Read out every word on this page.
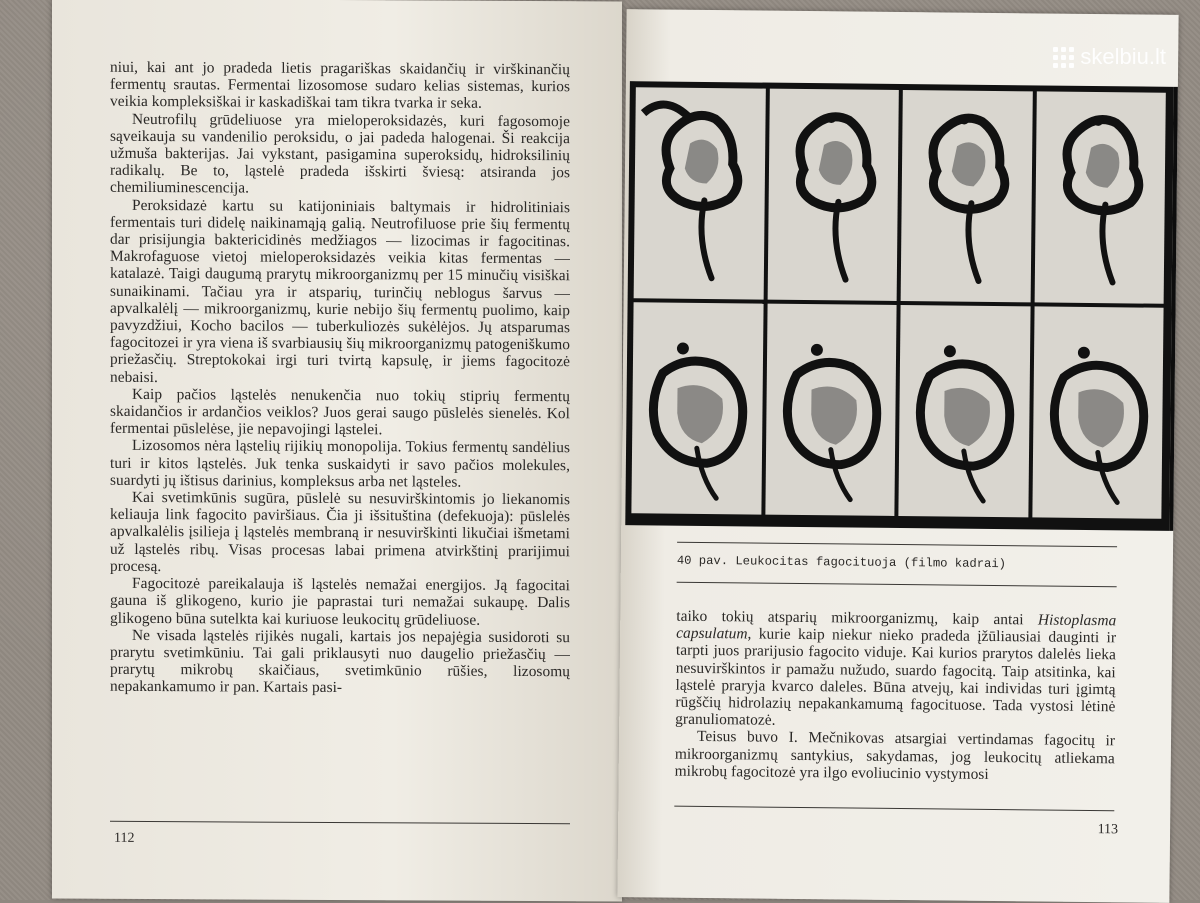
niui, kai ant jo pradeda lietis pragariškas skaidančių ir virškinančių fermentų srautas. Fermentai lizosomose sudaro kelias sistemas, kurios veikia kompleksiškai ir kaskadiškai tam tikra tvarka ir seka.

Neutrofilų grūdeliuose yra mieloperoksidazės, kuri fagosomoje sąveikauja su vandenilio peroksidu, o jai padeda halogenai. Ši reakcija užmuša bakterijas. Jai vykstant, pasigamina superoksidų, hidroksilinių radikalų. Be to, ląstelė pradeda išskirti šviesą: atsiranda jos chemiliuminescencija.

Peroksidazė kartu su katijoniniais baltymais ir hidrolitiniais fermentais turi didelę naikinamąją galią. Neutrofiluose prie šių fermentų dar prisijungia baktericidinės medžiagos — lizocimas ir fagocitinas. Makrofaguose vietoj mieloperoksidazės veikia kitas fermentas — katalazė. Taigi daugumą prarytų mikroorganizmų per 15 minučių visiškai sunaikinami. Tačiau yra ir atsparių, turinčių neblogus šarvus — apvalkalėlį — mikroorganizmų, kurie nebijo šių fermentų puolimo, kaip pavyzdžiui, Kocho bacilos — tuberkuliozės sukėlėjos. Jų atsparumas fagocitozei ir yra viena iš svarbiausių šių mikroorganizmų patogeniškumo priežasčių. Streptokokai irgi turi tvirtą kapsulę, ir jiems fagocitozė nebaisi.

Kaip pačios ląstelės nenukenčia nuo tokių stiprių fermentų skaidančios ir ardančios veiklos? Juos gerai saugo pūslelės sienelės. Kol fermentai pūslelėse, jie nepavojingi ląstelei.

Lizosomos nėra ląstelių rijikių monopolija. Tokius fermentų sandėlius turi ir kitos ląstelės. Juk tenka suskaidyti ir savo pačios molekules, suardyti jų ištisus darinius, kompleksus arba net ląsteles.

Kai svetimkūnis sugūra, pūslelė su nesuvirškintomis jo liekanomis keliauja link fagocito paviršiaus. Čia ji išsituština (defekuoja): pūslelės apvalkalėlis įsilieja į ląstelės membraną ir nesuvirškinti likučiai išmetami už ląstelės ribų. Visas procesas labai primena atvirkštinį prarijimui procesą.

Fagocitozė pareikalauja iš ląstelės nemažai energijos. Ją fagocitai gauna iš glikogeno, kurio jie paprastai turi nemažai sukaupę. Dalis glikogeno būna sutelkta kai kuriuose leukocitų grūdeliuose.

Ne visada ląstelės rijikės nugali, kartais jos nepajėgia susidoroti su prarytu svetimkūniu. Tai gali priklausyti nuo daugelio priežasčių — prarytų mikrobų skaičiaus, svetimkūnio rūšies, lizosomų nepakankamumo ir pan. Kartais pasi-

112
40 pav. Leukocitas fagocituoja (filmo kadrai)

taiko tokių atsparių mikroorganizmų, kaip antai Histoplasma capsulatum, kurie kaip niekur nieko pradeda įžūliausiai dauginti ir tarpti juos prarijusio fagocito viduje. Kai kurios prarytos dalelės lieka nesuvirškintos ir pamažu nužudo, suardo fagocitą. Taip atsitinka, kai ląstelė praryja kvarco daleles. Būna atvejų, kai individas turi įgimtą rūgščių hidrolazių nepakankamumą fagocituose. Tada vystosi lėtinė granuliomatozė.

Teisus buvo I. Mečnikovas atsargiai vertindamas fagocitų ir mikroorganizmų santykius, sakydamas, jog leukocitų atliekama mikrobų fagocitozė yra ilgo evoliucinio vystymosi

113
skelbiu.lt
